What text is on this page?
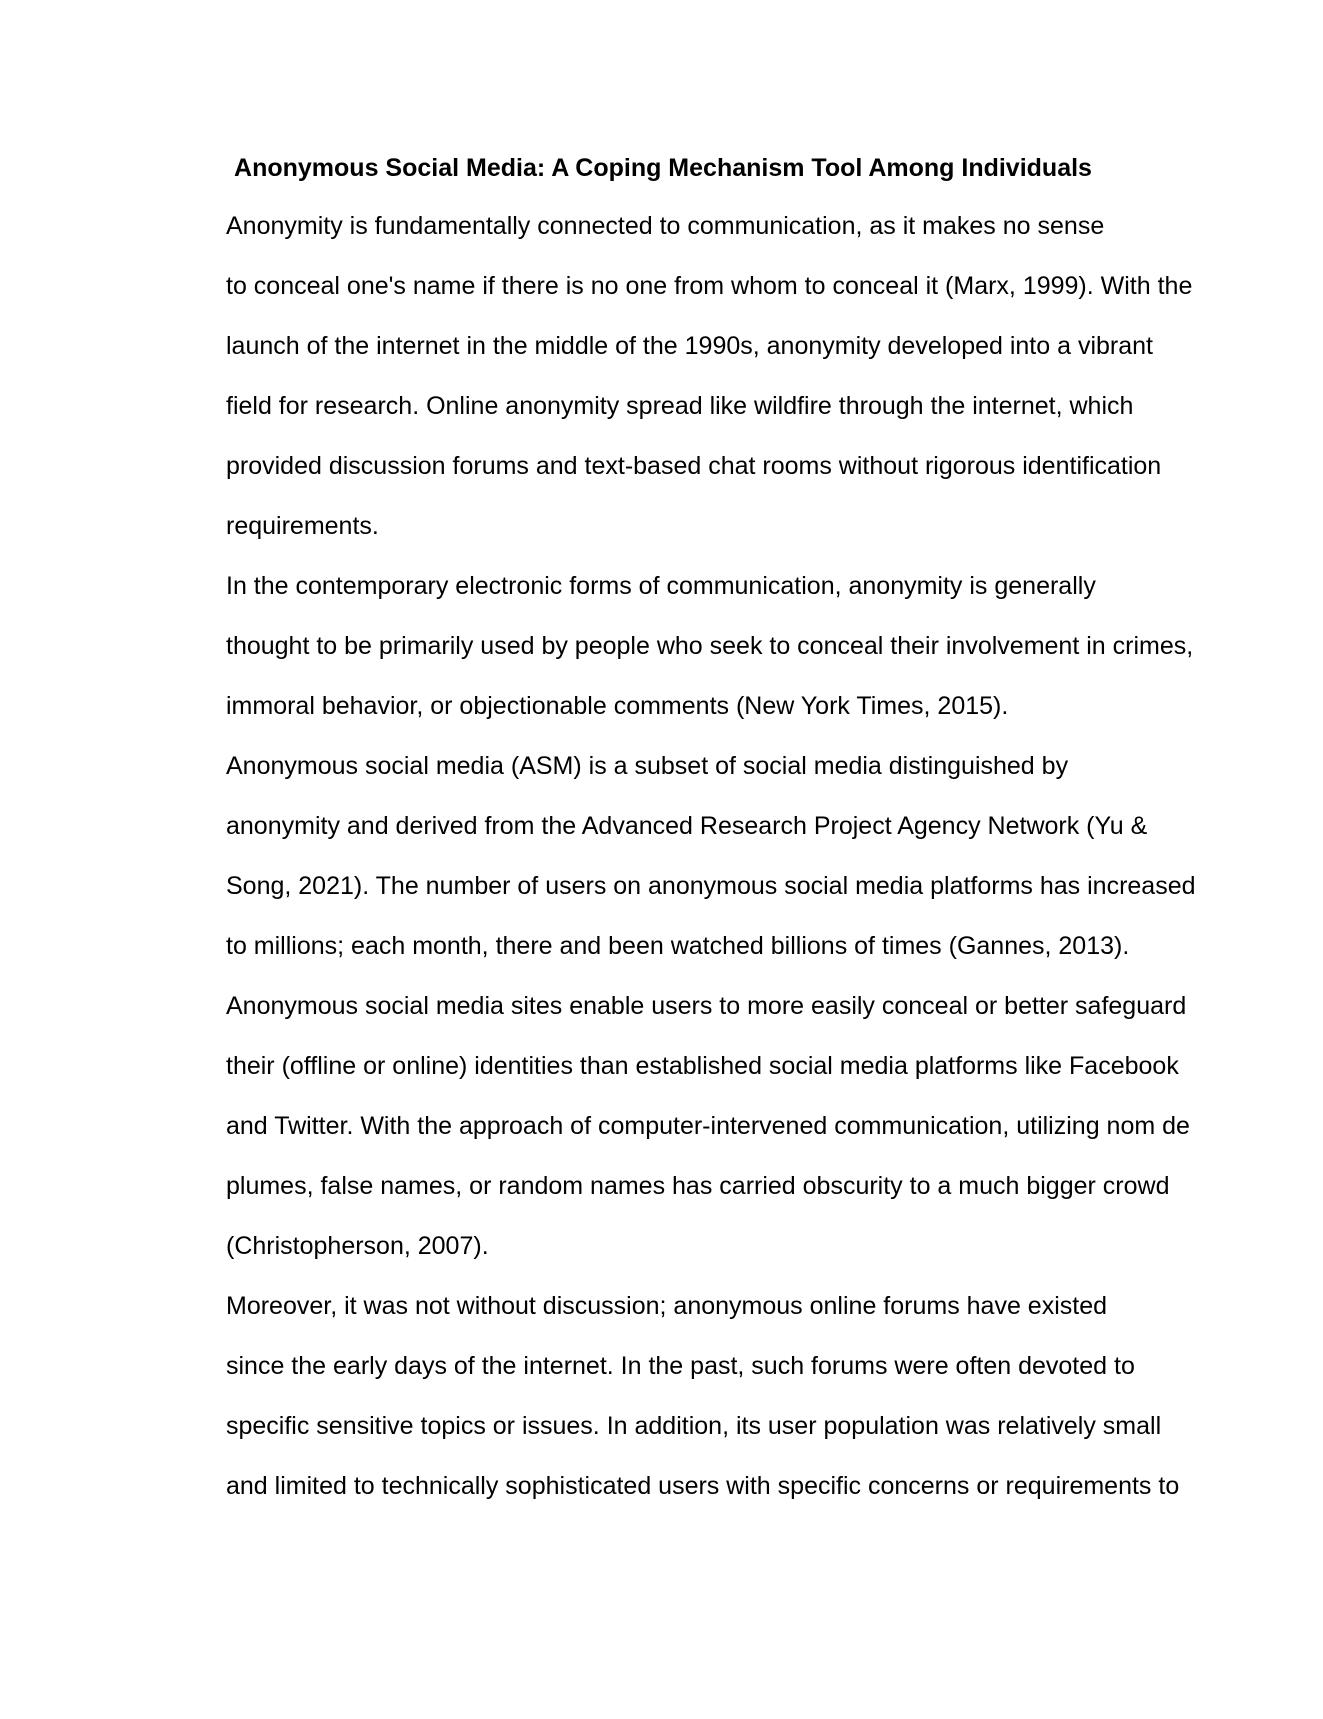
Anonymous Social Media: A Coping Mechanism Tool Among Individuals

Anonymity is fundamentally connected to communication, as it makes no sense
to conceal one's name if there is no one from whom to conceal it (Marx, 1999). With the
launch of the internet in the middle of the 1990s, anonymity developed into a vibrant
field for research. Online anonymity spread like wildfire through the internet, which
provided discussion forums and text-based chat rooms without rigorous identification
requirements.

In the contemporary electronic forms of communication, anonymity is generally
thought to be primarily used by people who seek to conceal their involvement in crimes,
immoral behavior, or objectionable comments (New York Times, 2015).

Anonymous social media (ASM) is a subset of social media distinguished by
anonymity and derived from the Advanced Research Project Agency Network (Yu &
Song, 2021). The number of users on anonymous social media platforms has increased
to millions; each month, there and been watched billions of times (Gannes, 2013).
Anonymous social media sites enable users to more easily conceal or better safeguard
their (offline or online) identities than established social media platforms like Facebook
and Twitter. With the approach of computer-intervened communication, utilizing nom de
plumes, false names, or random names has carried obscurity to a much bigger crowd
(Christopherson, 2007).

Moreover, it was not without discussion; anonymous online forums have existed
since the early days of the internet. In the past, such forums were often devoted to
specific sensitive topics or issues. In addition, its user population was relatively small
and limited to technically sophisticated users with specific concerns or requirements to
